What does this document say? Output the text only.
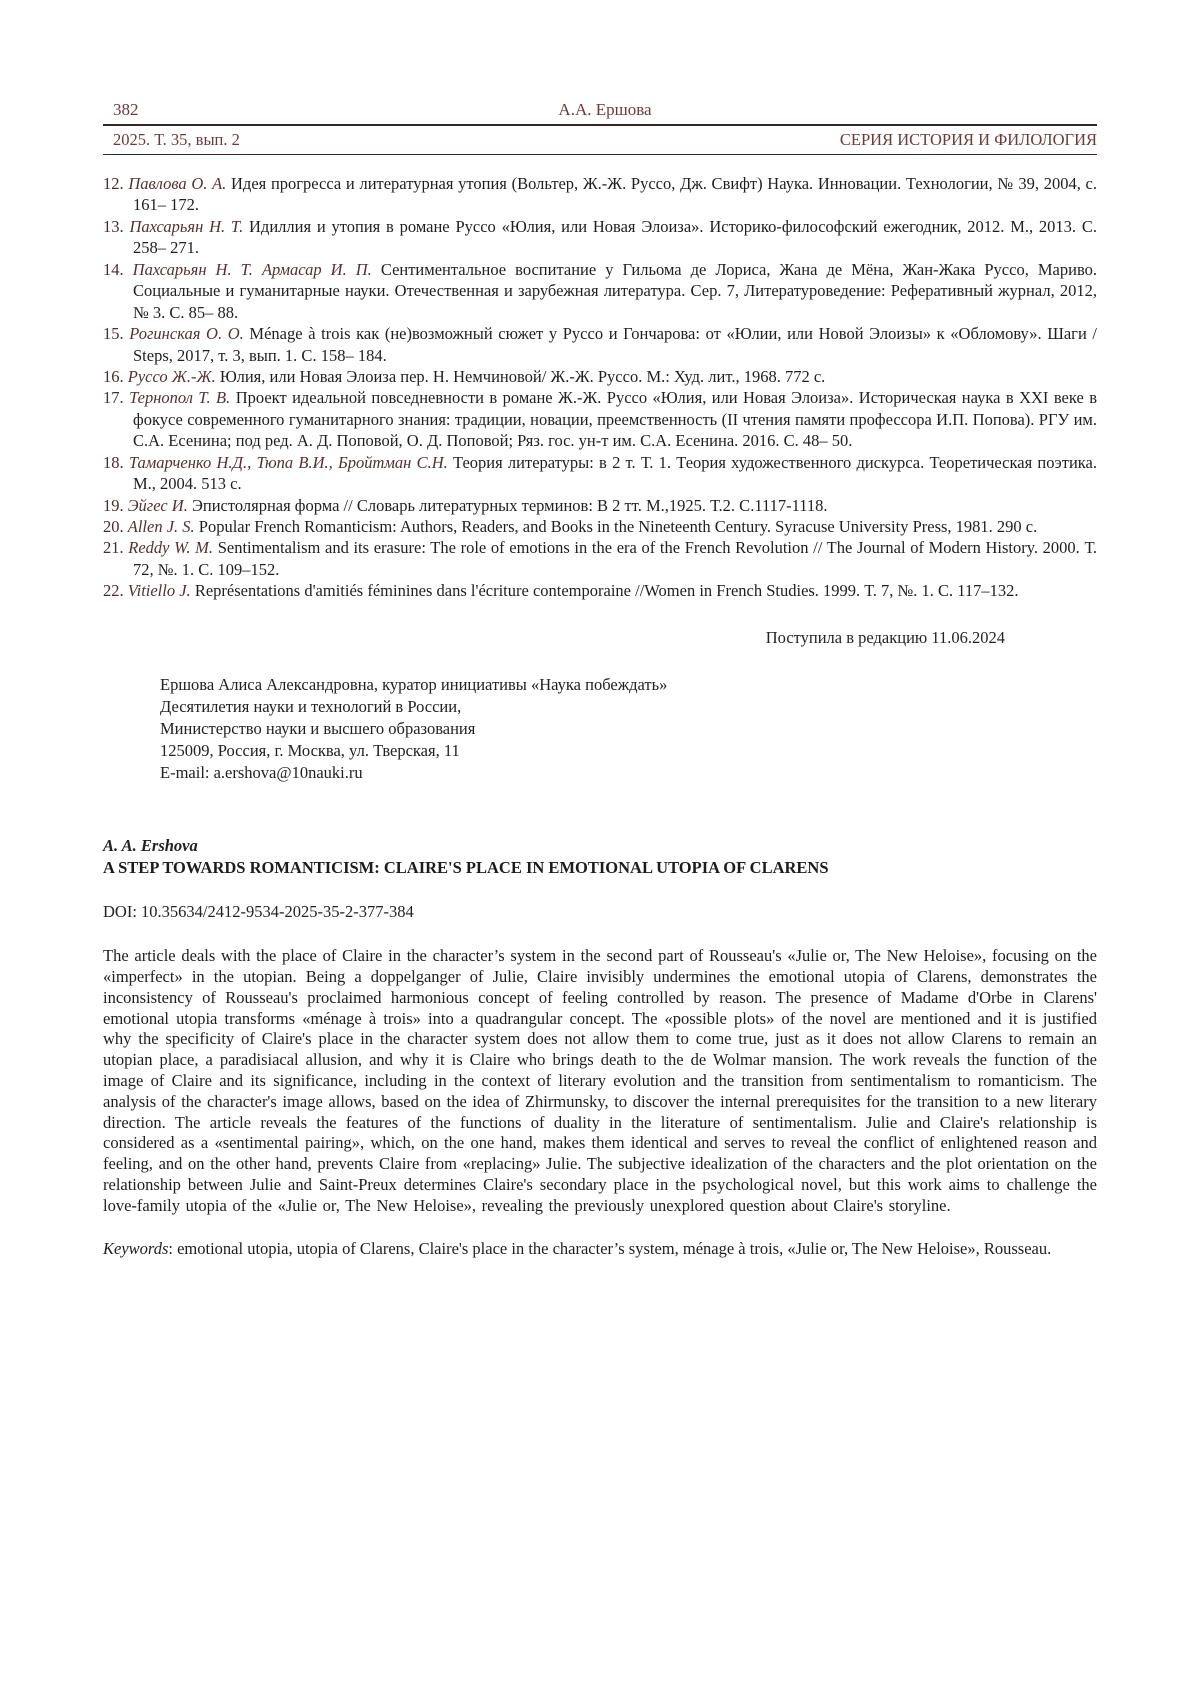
382	А.А. Ершова
2025. Т. 35, вып. 2	СЕРИЯ ИСТОРИЯ И ФИЛОЛОГИЯ
12. Павлова О. А. Идея прогресса и литературная утопия (Вольтер, Ж.-Ж. Руссо, Дж. Свифт) Наука. Инновации. Технологии, № 39, 2004, с. 161– 172.
13. Пахсарьян Н. Т. Идиллия и утопия в романе Руссо «Юлия, или Новая Элоиза». Историко-философский ежегодник, 2012. М., 2013. С. 258– 271.
14. Пахсарьян Н. Т. Армасар И. П. Сентиментальное воспитание у Гильома де Лориса, Жана де Мёна, Жан-Жака Руссо, Мариво. Социальные и гуманитарные науки. Отечественная и зарубежная литература. Сер. 7, Литературоведение: Реферативный журнал, 2012, № 3. С. 85– 88.
15. Рогинская О. О. Ménage à trois как (не)возможный сюжет у Руссо и Гончарова: от «Юлии, или Новой Элоизы» к «Обломову». Шаги / Steps, 2017, т. 3, вып. 1. С. 158– 184.
16. Руссо Ж.-Ж. Юлия, или Новая Элоиза пер. Н. Немчиновой/ Ж.-Ж. Руссо. М.: Худ. лит., 1968. 772 с.
17. Тернопол Т. В. Проект идеальной повседневности в романе Ж.-Ж. Руссо «Юлия, или Новая Элоиза». Историческая наука в XXI веке в фокусе современного гуманитарного знания: традиции, новации, преемственность (II чтения памяти профессора И.П. Попова). РГУ им. С.А. Есенина; под ред. А. Д. Поповой, О. Д. Поповой; Ряз. гос. ун-т им. С.А. Есенина. 2016. С. 48– 50.
18. Тамарченко Н.Д., Тюпа В.И., Бройтман С.Н. Теория литературы: в 2 т. Т. 1. Теория художественного дискурса. Теоретическая поэтика. М., 2004. 513 с.
19. Эйгес И. Эпистолярная форма // Словарь литературных терминов: В 2 тт. М.,1925. Т.2. С.1117-1118.
20. Allen J. S. Popular French Romanticism: Authors, Readers, and Books in the Nineteenth Century. Syracuse University Press, 1981. 290 с.
21. Reddy W. M. Sentimentalism and its erasure: The role of emotions in the era of the French Revolution // The Journal of Modern History. 2000. Т. 72, №. 1. С. 109–152.
22. Vitiello J. Représentations d'amitiés féminines dans l'écriture contemporaine //Women in French Studies. 1999. Т. 7, №. 1. С. 117–132.

Поступила в редакцию 11.06.2024

Ершова Алиса Александровна, куратор инициативы «Наука побеждать»
Десятилетия науки и технологий в России,
Министерство науки и высшего образования
125009, Россия, г. Москва, ул. Тверская, 11
E-mail: a.ershova@10nauki.ru

A. A. Ershova

A STEP TOWARDS ROMANTICISM: CLAIRE'S PLACE IN EMOTIONAL UTOPIA OF CLARENS

DOI: 10.35634/2412-9534-2025-35-2-377-384

The article deals with the place of Claire in the character’s system in the second part of Rousseau's «Julie or, The New Heloise», focusing on the «imperfect» in the utopian. Being a doppelganger of Julie, Claire invisibly undermines the emotional utopia of Clarens, demonstrates the inconsistency of Rousseau's proclaimed harmonious concept of feeling controlled by reason. The presence of Madame d'Orbe in Clarens' emotional utopia transforms «ménage à trois» into a quadrangular concept. The «possible plots» of the novel are mentioned and it is justified why the specificity of Claire's place in the character system does not allow them to come true, just as it does not allow Clarens to remain an utopian place, a paradisiacal allusion, and why it is Claire who brings death to the de Wolmar mansion. The work reveals the function of the image of Claire and its significance, including in the context of literary evolution and the transition from sentimentalism to romanticism. The analysis of the character's image allows, based on the idea of Zhirmunsky, to discover the internal prerequisites for the transition to a new literary direction. The article reveals the features of the functions of duality in the literature of sentimentalism. Julie and Claire's relationship is considered as a «sentimental pairing», which, on the one hand, makes them identical and serves to reveal the conflict of enlightened reason and feeling, and on the other hand, prevents Claire from «replacing» Julie. The subjective idealization of the characters and the plot orientation on the relationship between Julie and Saint-Preux determines Claire's secondary place in the psychological novel, but this work aims to challenge the love-family utopia of the «Julie or, The New Heloise», revealing the previously unexplored question about Claire's storyline.

Keywords: emotional utopia, utopia of Clarens, Claire's place in the character’s system, ménage à trois, «Julie or, The New Heloise», Rousseau.
